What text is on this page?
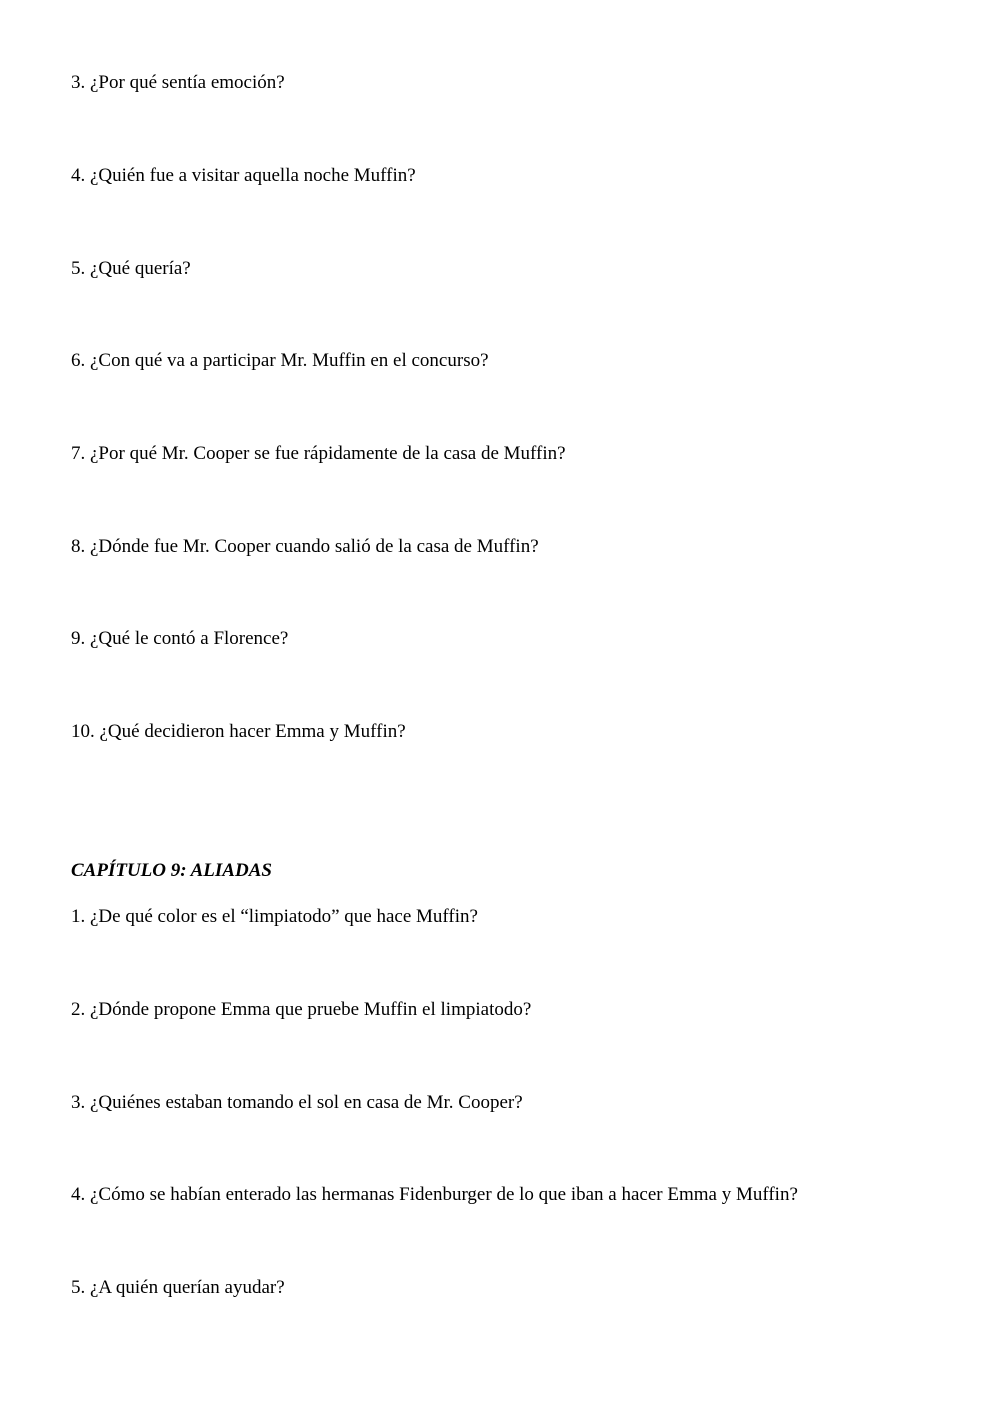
3. ¿Por qué sentía emoción?
4. ¿Quién fue a visitar aquella noche Muffin?
5. ¿Qué quería?
6. ¿Con qué va a participar Mr. Muffin en el concurso?
7. ¿Por qué Mr. Cooper se fue rápidamente de la casa de Muffin?
8. ¿Dónde fue Mr. Cooper cuando salió de la casa de Muffin?
9. ¿Qué le contó a Florence?
10. ¿Qué decidieron hacer Emma y Muffin?
CAPÍTULO 9: ALIADAS
1. ¿De qué color es el “limpiatodo” que hace Muffin?
2. ¿Dónde propone Emma que pruebe Muffin el limpiatodo?
3. ¿Quiénes estaban tomando el sol en casa de Mr. Cooper?
4. ¿Cómo se habían enterado las hermanas Fidenburger de lo que iban a hacer Emma y Muffin?
5. ¿A quién querían ayudar?
